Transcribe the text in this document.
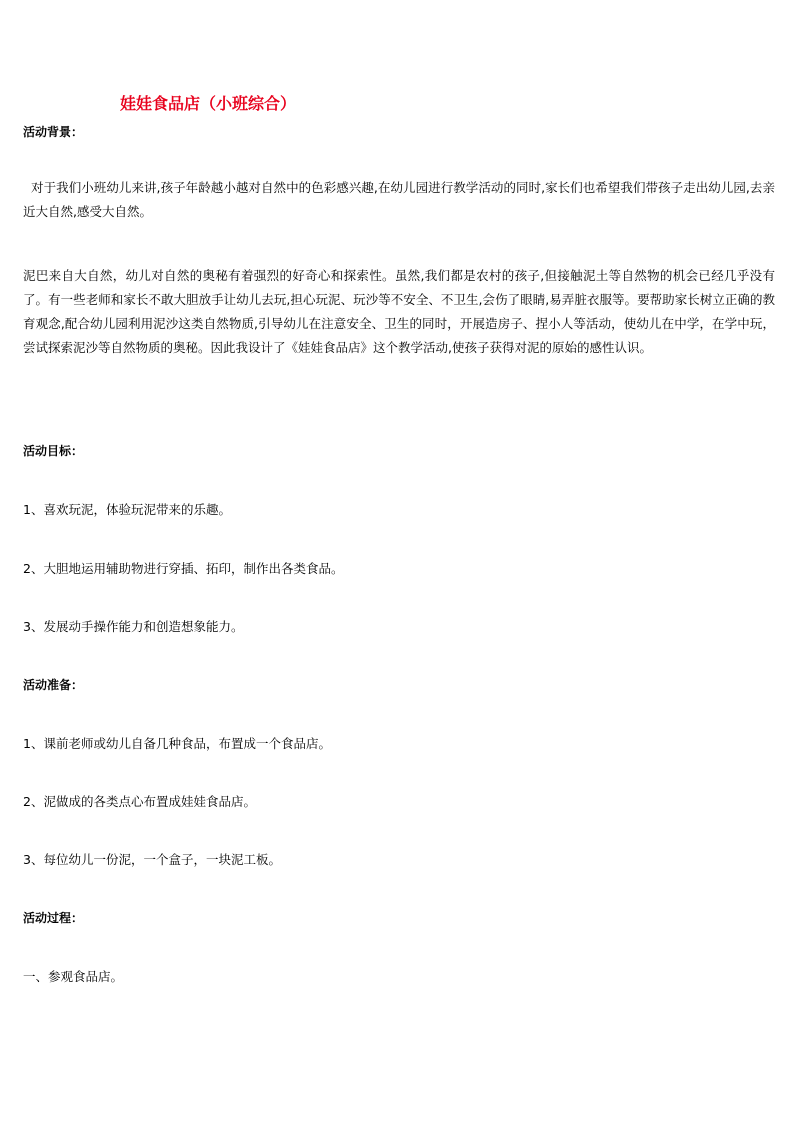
娃娃食品店（小班综合）
活动背景：

对于我们小班幼儿来讲,孩子年龄越小越对自然中的色彩感兴趣,在幼儿园进行教学活动的同时,家长们也希望我们带孩子走出幼儿园,去亲近大自然,感受大自然。

泥巴来自大自然，幼儿对自然的奥秘有着强烈的好奇心和探索性。虽然,我们都是农村的孩子,但接触泥土等自然物的机会已经几乎没有了。有一些老师和家长不敢大胆放手让幼儿去玩,担心玩泥、玩沙等不安全、不卫生,会伤了眼睛,易弄脏衣服等。要帮助家长树立正确的教育观念,配合幼儿园利用泥沙这类自然物质,引导幼儿在注意安全、卫生的同时，开展造房子、捏小人等活动，使幼儿在中学，在学中玩，尝试探索泥沙等自然物质的奥秘。因此我设计了《娃娃食品店》这个教学活动,使孩子获得对泥的原始的感性认识。

活动目标：
1、喜欢玩泥，体验玩泥带来的乐趣。
2、大胆地运用辅助物进行穿插、拓印，制作出各类食品。
3、发展动手操作能力和创造想象能力。
活动准备：
1、课前老师或幼儿自备几种食品，布置成一个食品店。
2、泥做成的各类点心布置成娃娃食品店。
3、每位幼儿一份泥，一个盒子，一块泥工板。
活动过程：
一、参观食品店。
